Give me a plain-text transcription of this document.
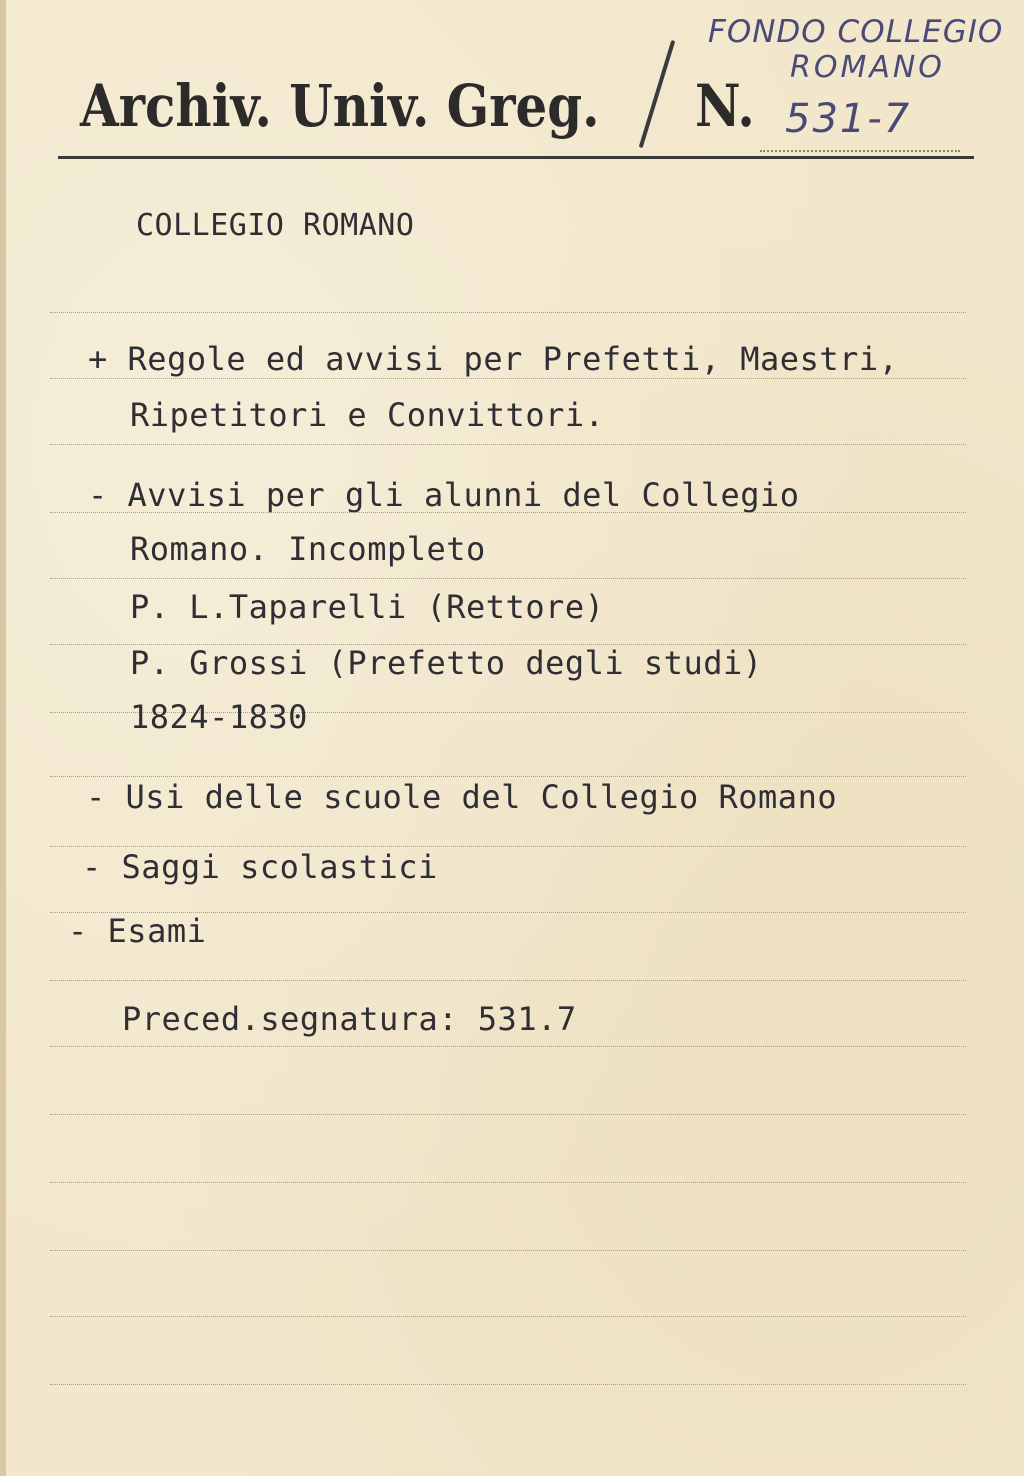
Archiv. Univ. Greg. N.
FONDO COLLEGIO
ROMANO
531-7
COLLEGIO ROMANO
+ Regole ed avvisi per Prefetti, Maestri,
Ripetitori e Convittori.
- Avvisi per gli alunni del Collegio
Romano. Incompleto
P. L.Taparelli (Rettore)
P. Grossi (Prefetto degli studi)
1824-1830
- Usi delle scuole del Collegio Romano
- Saggi scolastici
- Esami
Preced.segnatura: 531.7
